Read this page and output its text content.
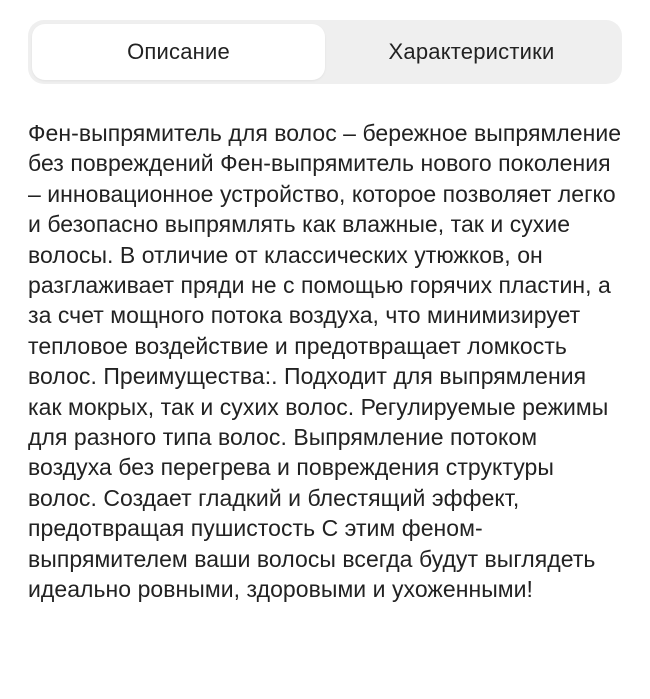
Описание	Характеристики

Фен-выпрямитель для волос – бережное выпрямление без повреждений Фен-выпрямитель нового поколения – инновационное устройство, которое позволяет легко и безопасно выпрямлять как влажные, так и сухие волосы. В отличие от классических утюжков, он разглаживает пряди не с помощью горячих пластин, а за счет мощного потока воздуха, что минимизирует тепловое воздействие и предотвращает ломкость волос. Преимущества:. Подходит для выпрямления как мокрых, так и сухих волос. Регулируемые режимы для разного типа волос. Выпрямление потоком воздуха без перегрева и повреждения структуры волос. Создает гладкий и блестящий эффект, предотвращая пушистость С этим феном-выпрямителем ваши волосы всегда будут выглядеть идеально ровными, здоровыми и ухоженными!
